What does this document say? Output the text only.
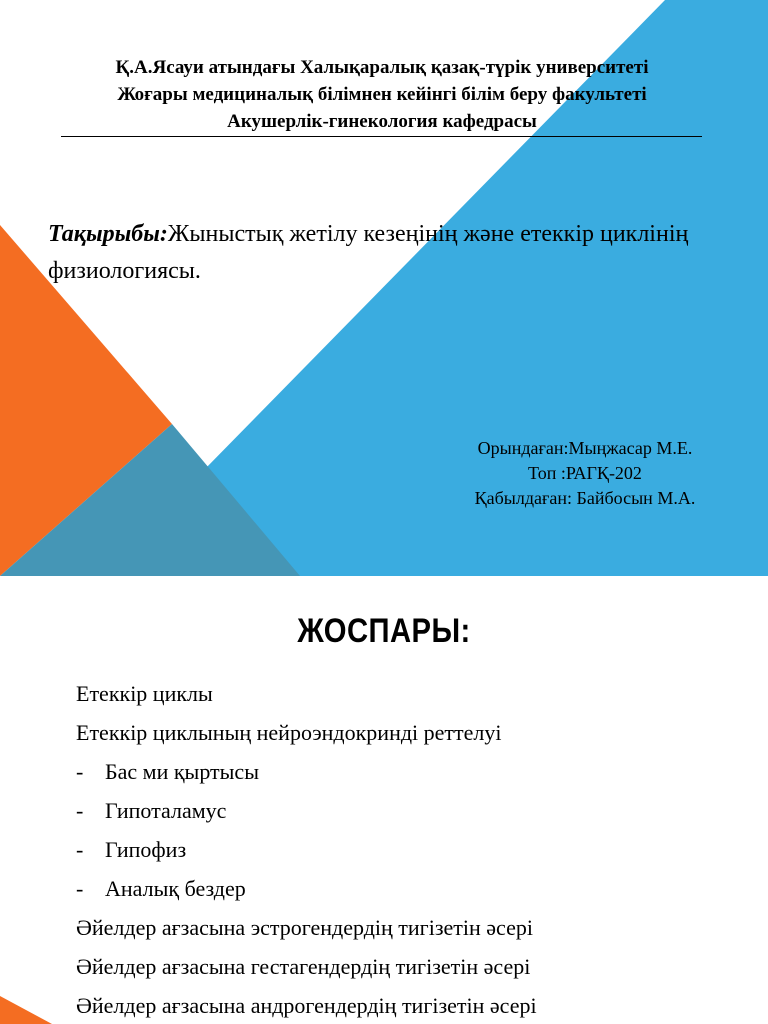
Қ.А.Ясауи атындағы Халықаралық қазақ-түрік университеті
Жоғары медициналық білімнен кейінгі білім беру факультеті
Акушерлік-гинекология кафедрасы
Тақырыбы:Жыныстық жетілу кезеңінің және етеккір циклінің физиологиясы.
Орындаған:Мыңжасар М.Е.
Топ :РАГҚ-202
Қабылдаған: Байбосын М.А.
ЖОСПАРЫ:
Етеккір циклы
Етеккір циклының нейроэндокринді реттелуі
- Бас ми қыртысы
- Гипоталамус
- Гипофиз
- Аналық бездер
Әйелдер ағзасына эстрогендердің тигізетін әсері
Әйелдер ағзасына гестагендердің тигізетін әсері
Әйелдер ағзасына андрогендердің тигізетін әсері
